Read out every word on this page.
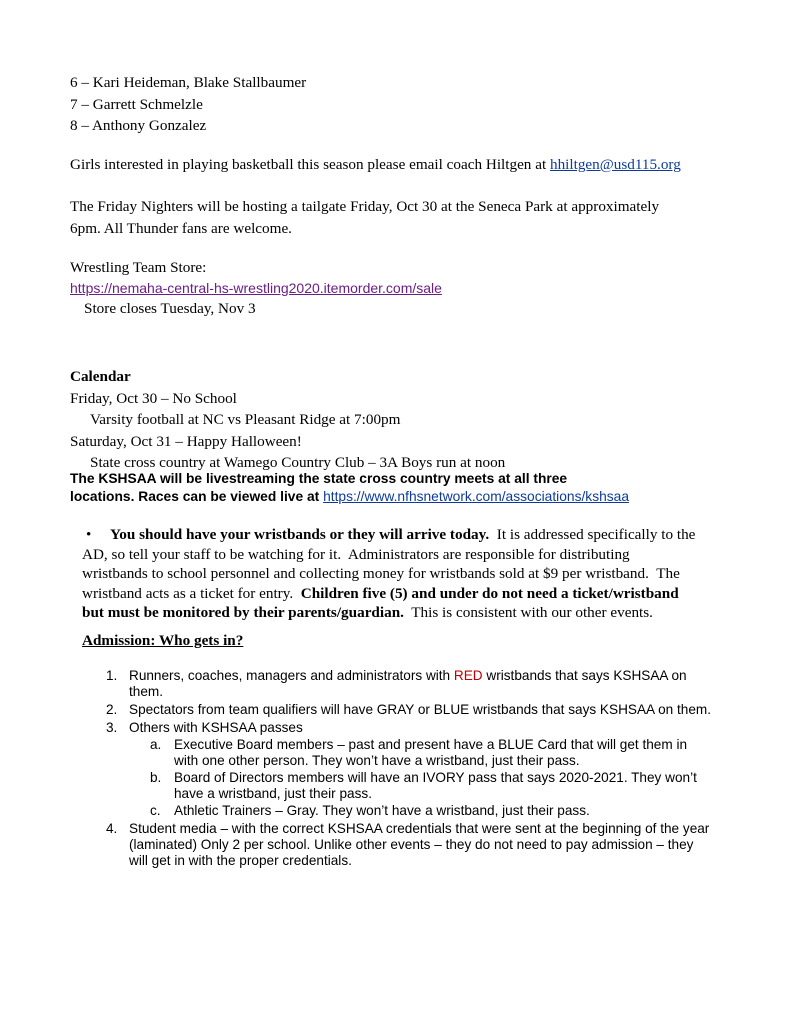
6 – Kari Heideman, Blake Stallbaumer
7 – Garrett Schmelzle
8 – Anthony Gonzalez
Girls interested in playing basketball this season please email coach Hiltgen at hhiltgen@usd115.org
The Friday Nighters will be hosting a tailgate Friday, Oct 30 at the Seneca Park at approximately
6pm. All Thunder fans are welcome.
Wrestling Team Store:
https://nemaha-central-hs-wrestling2020.itemorder.com/sale
Store closes Tuesday, Nov 3
Calendar
Friday, Oct 30 – No School
Varsity football at NC vs Pleasant Ridge at 7:00pm
Saturday, Oct 31 – Happy Halloween!
State cross country at Wamego Country Club – 3A Boys run at noon
The KSHSAA will be livestreaming the state cross country meets at all three
locations. Races can be viewed live at https://www.nfhsnetwork.com/associations/kshsaa
• You should have your wristbands or they will arrive today.  It is addressed specifically to the AD, so tell your staff to be watching for it.  Administrators are responsible for distributing wristbands to school personnel and collecting money for wristbands sold at $9 per wristband.  The wristband acts as a ticket for entry.  Children five (5) and under do not need a ticket/wristband but must be monitored by their parents/guardian.  This is consistent with our other events.
Admission: Who gets in?
1. Runners, coaches, managers and administrators with RED wristbands that says KSHSAA on them.
2. Spectators from team qualifiers will have GRAY or BLUE wristbands that says KSHSAA on them.
3. Others with KSHSAA passes
a. Executive Board members – past and present have a BLUE Card that will get them in with one other person. They won’t have a wristband, just their pass.
b. Board of Directors members will have an IVORY pass that says 2020-2021. They won’t have a wristband, just their pass.
c. Athletic Trainers – Gray. They won’t have a wristband, just their pass.
4. Student media – with the correct KSHSAA credentials that were sent at the beginning of the year (laminated) Only 2 per school. Unlike other events – they do not need to pay admission – they will get in with the proper credentials.
